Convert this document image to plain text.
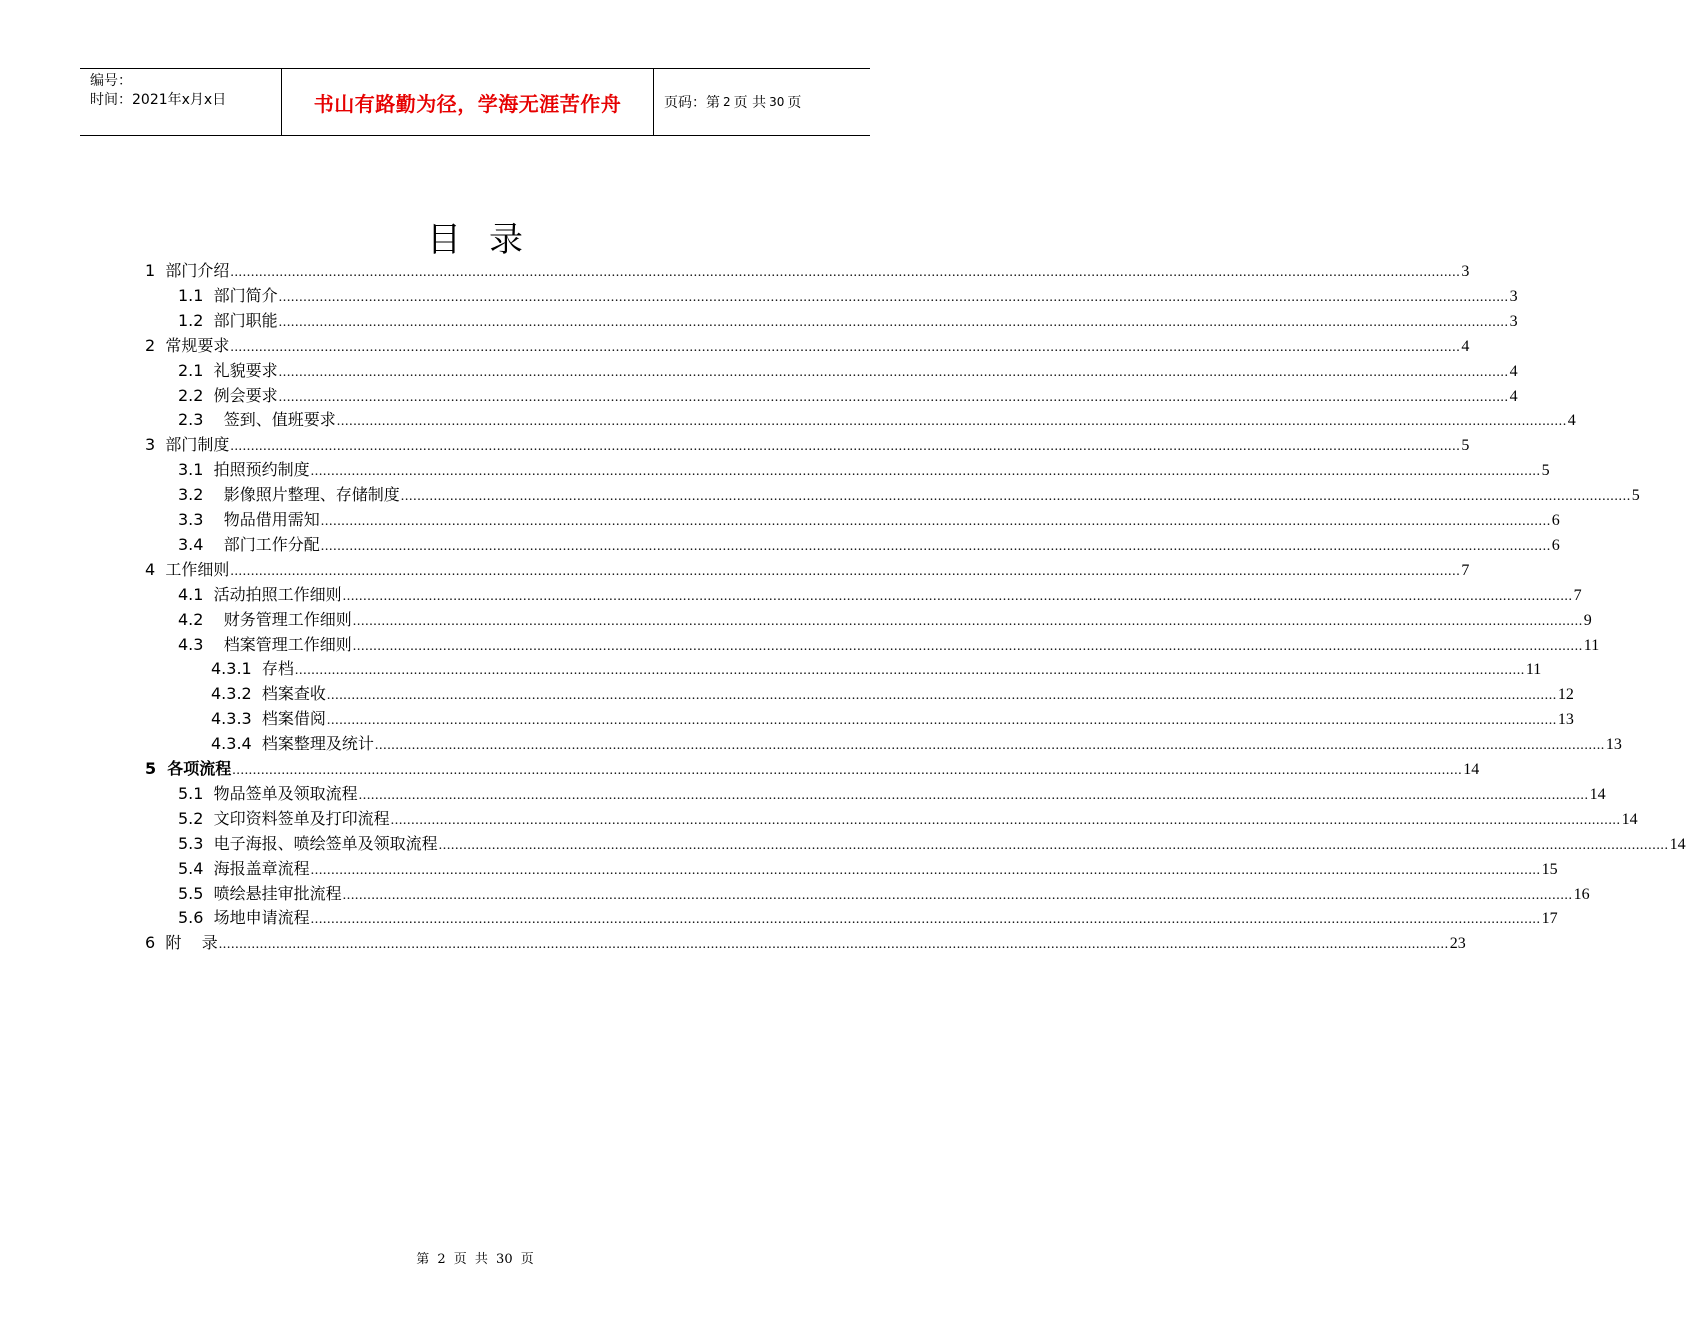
编号：
时间：2021年x月x日	书山有路勤为径，学海无涯苦作舟	页码：第 2 页 共 30 页
目录
1  部门介绍 ............................................................................................................................................................................................................................................................................................................ 3
1.1  部门简介 ............................................................................................................................................................................................................................................................................................................ 3
1.2  部门职能 ............................................................................................................................................................................................................................................................................................................ 3
2  常规要求 ............................................................................................................................................................................................................................................................................................................ 4
2.1  礼貌要求 ............................................................................................................................................................................................................................................................................................................ 4
2.2  例会要求 ............................................................................................................................................................................................................................................................................................................ 4
2.3    签到、值班要求 ............................................................................................................................................................................................................................................................................................................ 4
3  部门制度 ............................................................................................................................................................................................................................................................................................................ 5
3.1  拍照预约制度 ............................................................................................................................................................................................................................................................................................................ 5
3.2    影像照片整理、存储制度 ............................................................................................................................................................................................................................................................................................................ 5
3.3    物品借用需知 ............................................................................................................................................................................................................................................................................................................ 6
3.4    部门工作分配 ............................................................................................................................................................................................................................................................................................................ 6
4  工作细则 ............................................................................................................................................................................................................................................................................................................ 7
4.1  活动拍照工作细则 ............................................................................................................................................................................................................................................................................................................ 7
4.2    财务管理工作细则 ............................................................................................................................................................................................................................................................................................................ 9
4.3    档案管理工作细则 ............................................................................................................................................................................................................................................................................................................ 11
4.3.1  存档 ............................................................................................................................................................................................................................................................................................................ 11
4.3.2  档案查收 ............................................................................................................................................................................................................................................................................................................ 12
4.3.3  档案借阅 ............................................................................................................................................................................................................................................................................................................ 13
4.3.4  档案整理及统计 ............................................................................................................................................................................................................................................................................................................ 13
5  各项流程 ............................................................................................................................................................................................................................................................................................................ 14
5.1  物品签单及领取流程 ............................................................................................................................................................................................................................................................................................................ 14
5.2  文印资料签单及打印流程 ............................................................................................................................................................................................................................................................................................................ 14
5.3  电子海报、喷绘签单及领取流程 ............................................................................................................................................................................................................................................................................................................ 14
5.4  海报盖章流程 ............................................................................................................................................................................................................................................................................................................ 15
5.5  喷绘悬挂审批流程 ............................................................................................................................................................................................................................................................................................................ 16
5.6  场地申请流程 ............................................................................................................................................................................................................................................................................................................ 17
6  附    录 ............................................................................................................................................................................................................................................................................................................ 23
第 2 页 共 30 页
